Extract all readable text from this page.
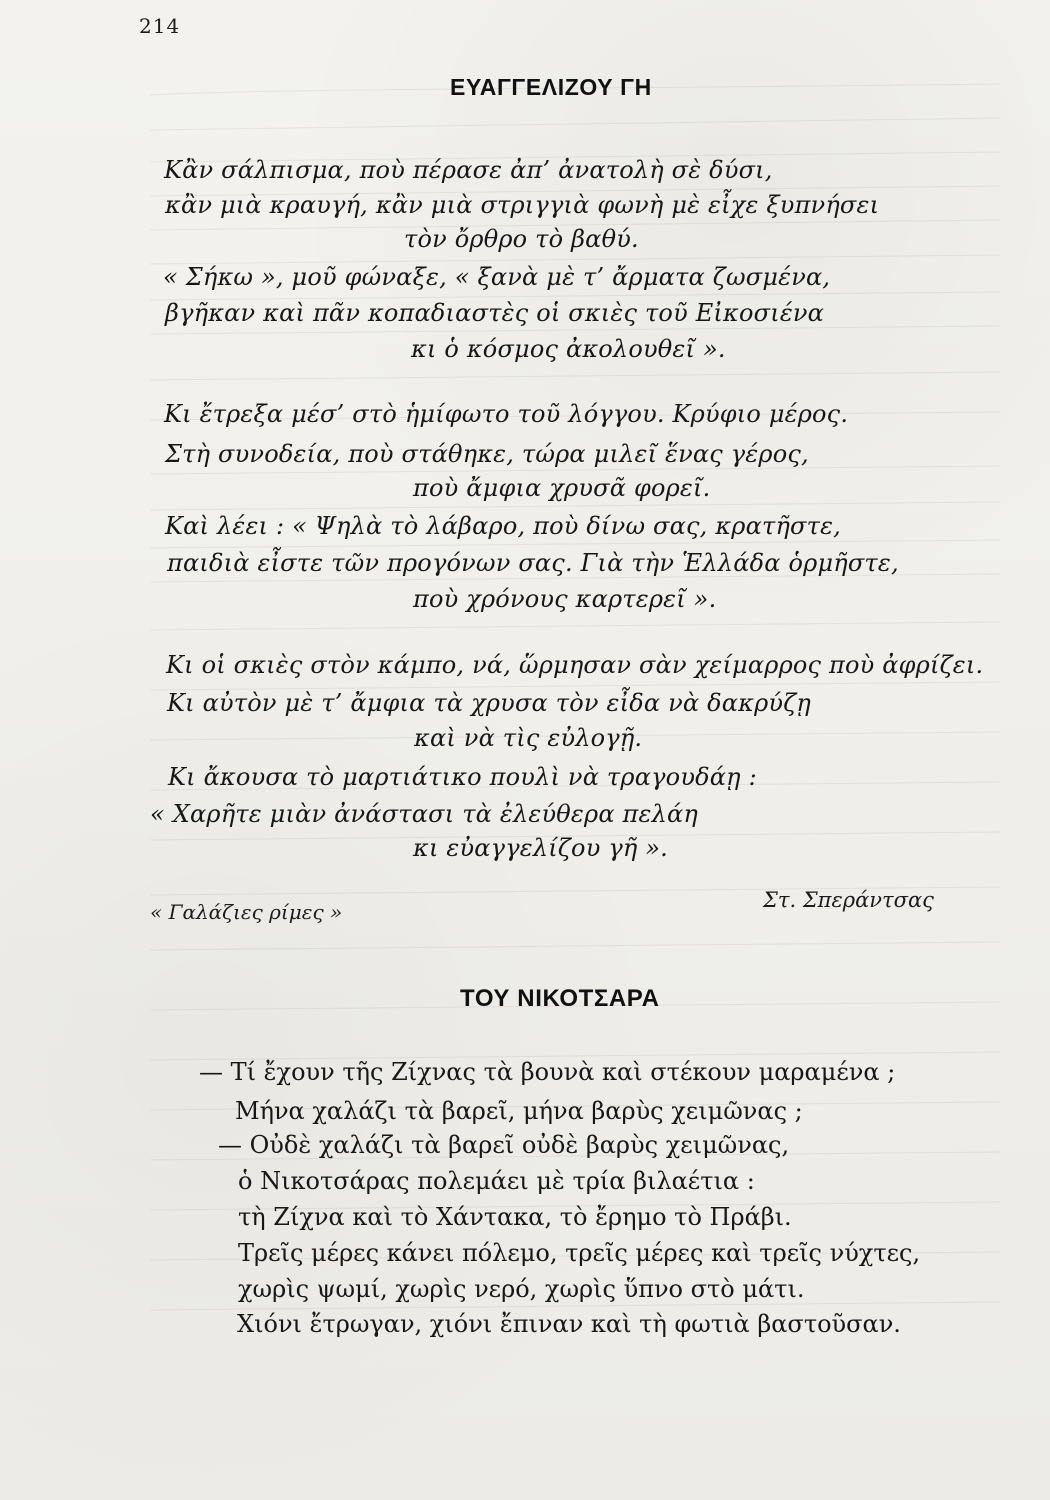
214
ΕΥΑΓΓΕΛΙΖΟΥ ΓΗ
Κἂν σάλπισμα, ποὺ πέρασε ἀπ’ ἀνατολὴ σὲ δύσι,
κἂν μιὰ κραυγή, κἂν μιὰ στριγγιὰ φωνὴ μὲ εἶχε ξυπνήσει
τὸν ὄρθρο τὸ βαθύ.
« Σήκω », μοῦ φώναξε, « ξανὰ μὲ τ’ ἄρματα ζωσμένα,
βγῆκαν καὶ πᾶν κοπαδιαστὲς οἱ σκιὲς τοῦ Εἰκοσιένα
κι ὁ κόσμος ἀκολουθεῖ ».
Κι ἔτρεξα μέσ’ στὸ ἡμίφωτο τοῦ λόγγου. Κρύφιο μέρος.
Στὴ συνοδεία, ποὺ στάθηκε, τώρα μιλεῖ ἕνας γέρος,
ποὺ ἄμφια χρυσᾶ φορεῖ.
Καὶ λέει : « Ψηλὰ τὸ λάβαρο, ποὺ δίνω σας, κρατῆστε,
παιδιὰ εἶστε τῶν προγόνων σας. Γιὰ τὴν Ἑλλάδα ὁρμῆστε,
ποὺ χρόνους καρτερεῖ ».
Κι οἱ σκιὲς στὸν κάμπο, νά, ὥρμησαν σὰν χείμαρρος ποὺ ἀφρίζει.
Κι αὐτὸν μὲ τ’ ἄμφια τὰ χρυσα τὸν εἶδα νὰ δακρύζῃ
καὶ νὰ τὶς εὐλογῇ.
Κι ἄκουσα τὸ μαρτιάτικο πουλὶ νὰ τραγουδάῃ :
« Χαρῆτε μιὰν ἀνάστασι τὰ ἐλεύθερα πελάη
κι εὐαγγελίζου γῆ ».
« Γαλάζιες ρίμες »	Στ. Σπεράντσας
ΤΟΥ ΝΙΚΟΤΣΑΡΑ
— Τί ἔχουν τῆς Ζίχνας τὰ βουνὰ καὶ στέκουν μαραμένα ;
Μήνα χαλάζι τὰ βαρεῖ, μήνα βαρὺς χειμῶνας ;
— Οὐδὲ χαλάζι τὰ βαρεῖ οὐδὲ βαρὺς χειμῶνας,
ὁ Νικοτσάρας πολεμάει μὲ τρία βιλαέτια :
τὴ Ζίχνα καὶ τὸ Χάντακα, τὸ ἔρημο τὸ Πράβι.
Τρεῖς μέρες κάνει πόλεμο, τρεῖς μέρες καὶ τρεῖς νύχτες,
χωρὶς ψωμί, χωρὶς νερό, χωρὶς ὕπνο στὸ μάτι.
Χιόνι ἔτρωγαν, χιόνι ἔπιναν καὶ τὴ φωτιὰ βαστοῦσαν.
